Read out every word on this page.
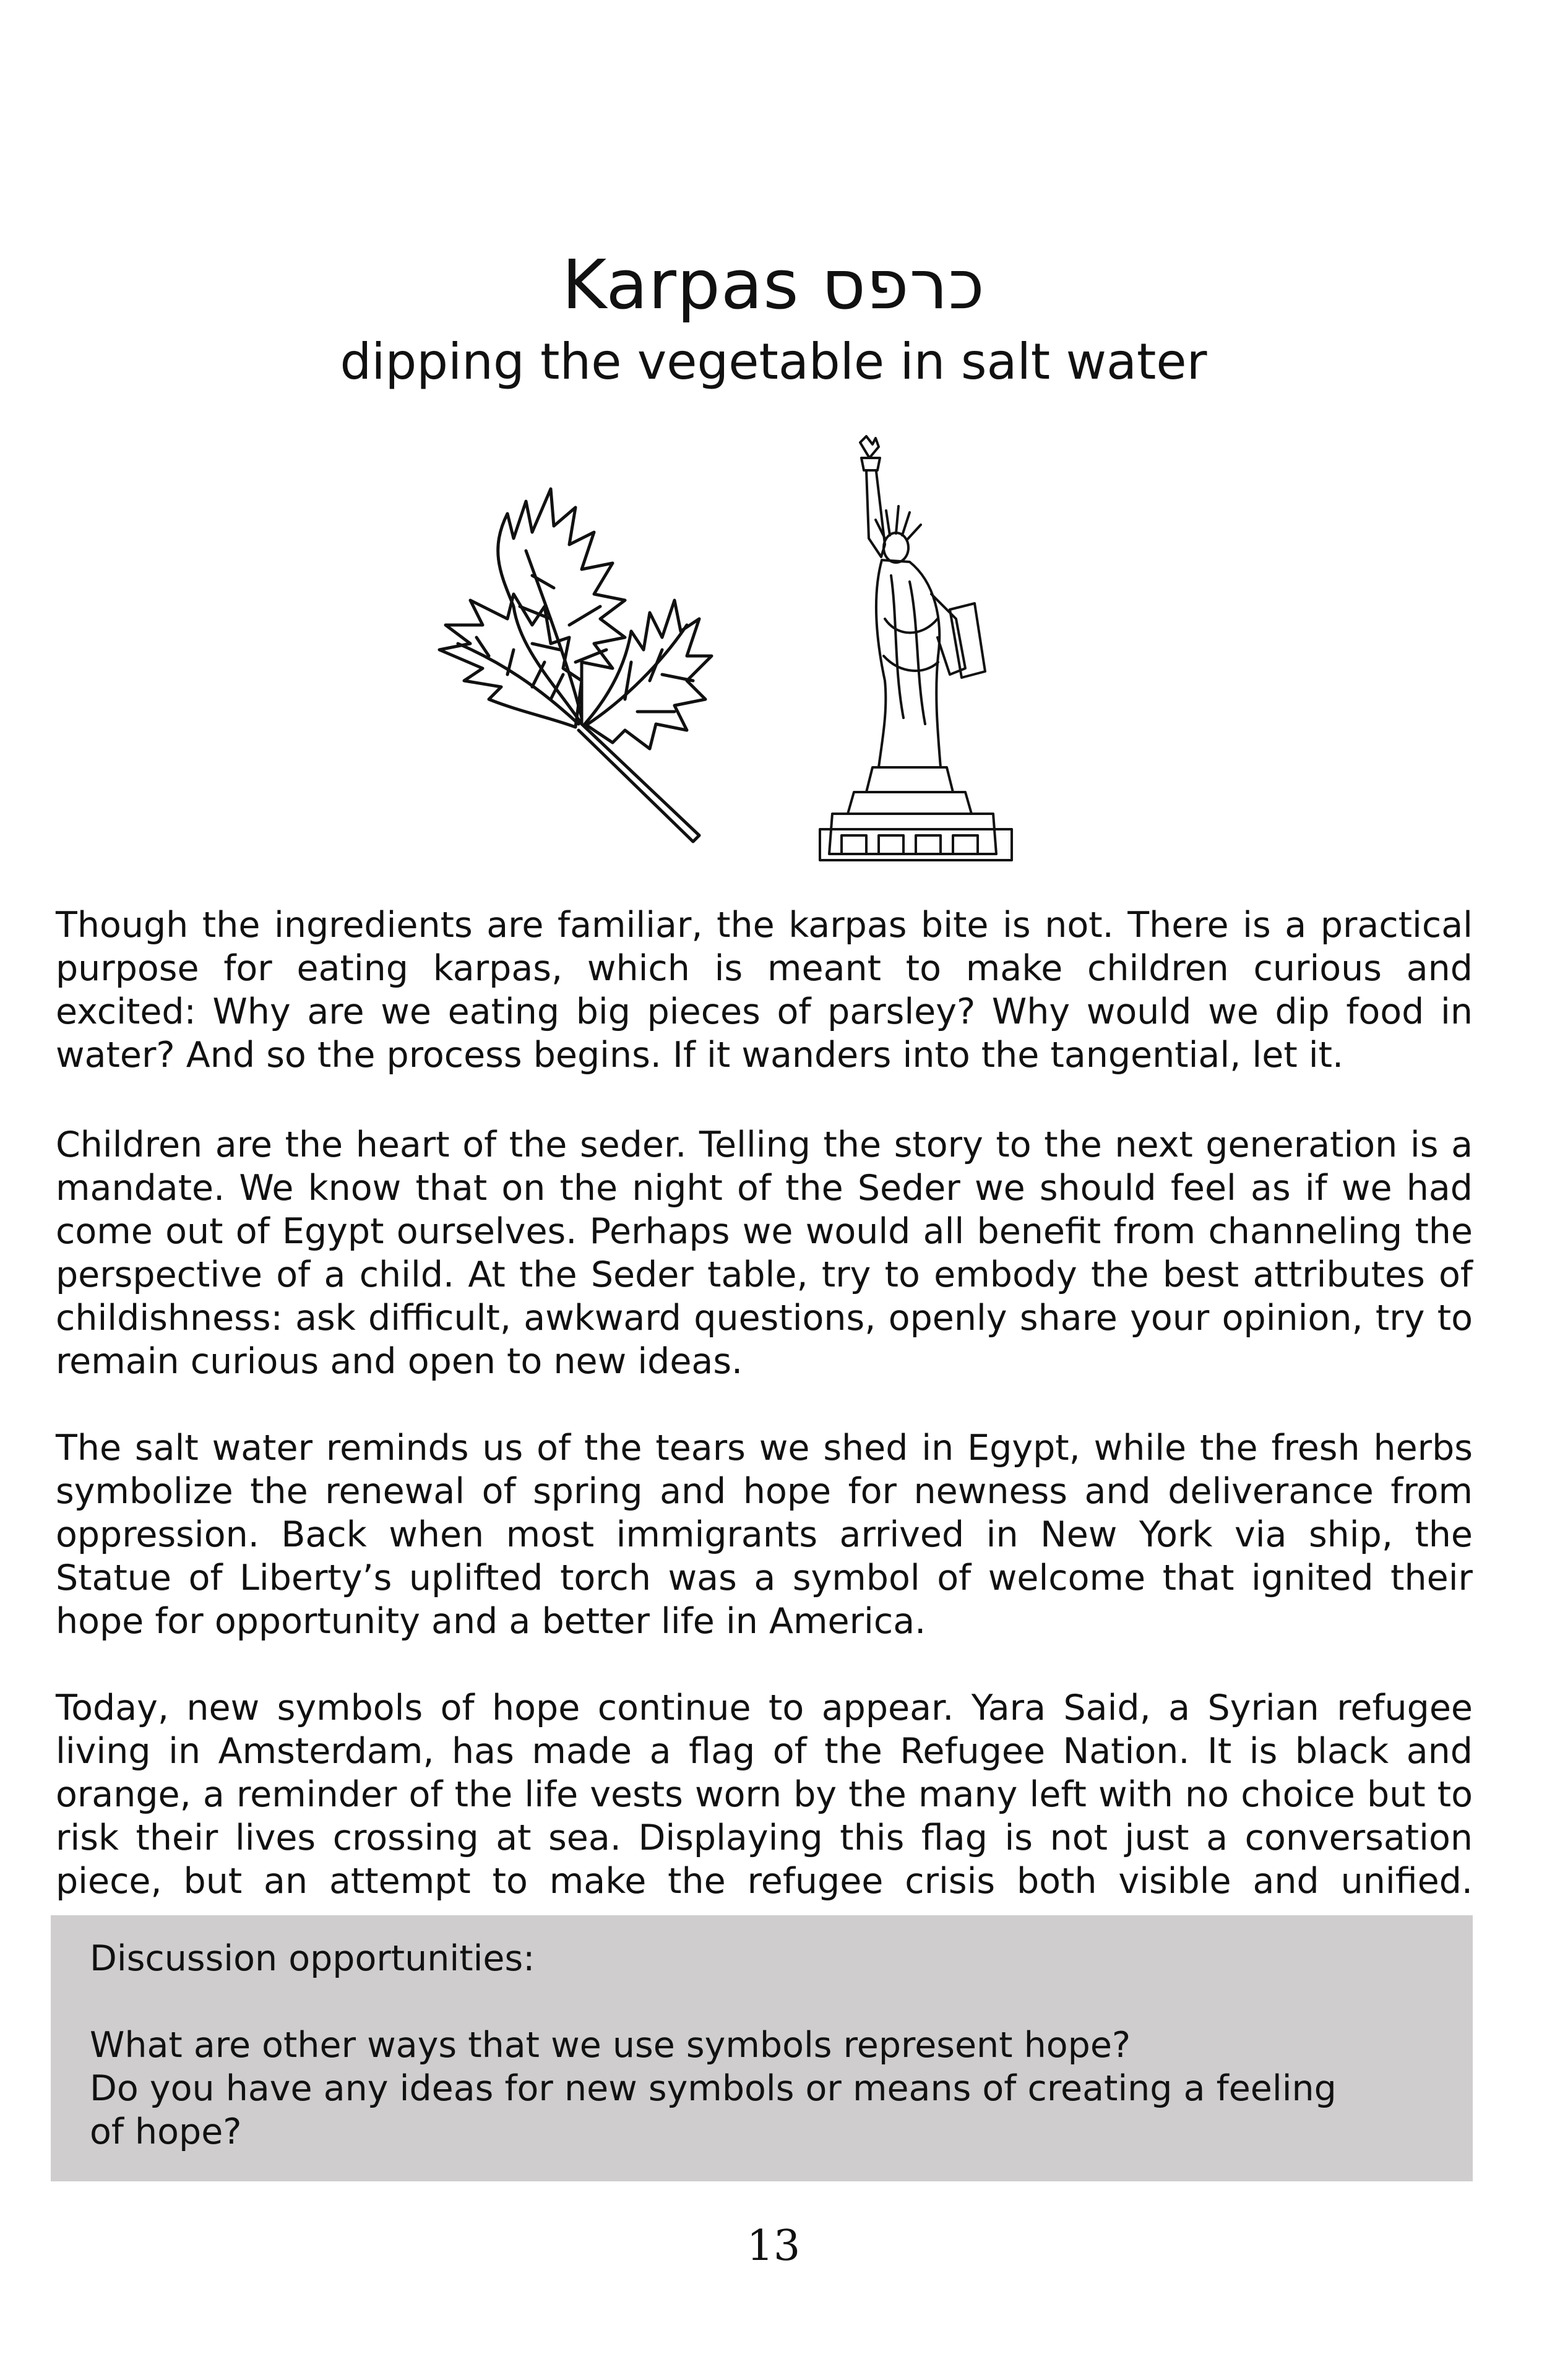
Karpas כרפס
dipping the vegetable in salt water

Though the ingredients are familiar, the karpas bite is not. There is a practical purpose for eating karpas, which is meant to make children curious and excited: Why are we eating big pieces of parsley? Why would we dip food in water? And so the process begins. If it wanders into the tangential, let it.

Children are the heart of the seder. Telling the story to the next generation is a mandate. We know that on the night of the Seder we should feel as if we had come out of Egypt ourselves. Perhaps we would all benefit from channeling the perspective of a child. At the Seder table, try to embody the best attributes of childishness: ask difficult, awkward questions, openly share your opinion, try to remain curious and open to new ideas.

The salt water reminds us of the tears we shed in Egypt, while the fresh herbs symbolize the renewal of spring and hope for newness and deliverance from oppression. Back when most immigrants arrived in New York via ship, the Statue of Liberty’s uplifted torch was a symbol of welcome that ignited their hope for opportunity and a better life in America.

Today, new symbols of hope continue to appear. Yara Said, a Syrian refugee living in Amsterdam, has made a flag of the Refugee Nation. It is black and orange, a reminder of the life vests worn by the many left with no choice but to risk their lives crossing at sea. Displaying this flag is not just a conversation piece, but an attempt to make the refugee crisis both visible and unified.

Discussion opportunities:
What are other ways that we use symbols represent hope?
Do you have any ideas for new symbols or means of creating a feeling
of hope?
13
